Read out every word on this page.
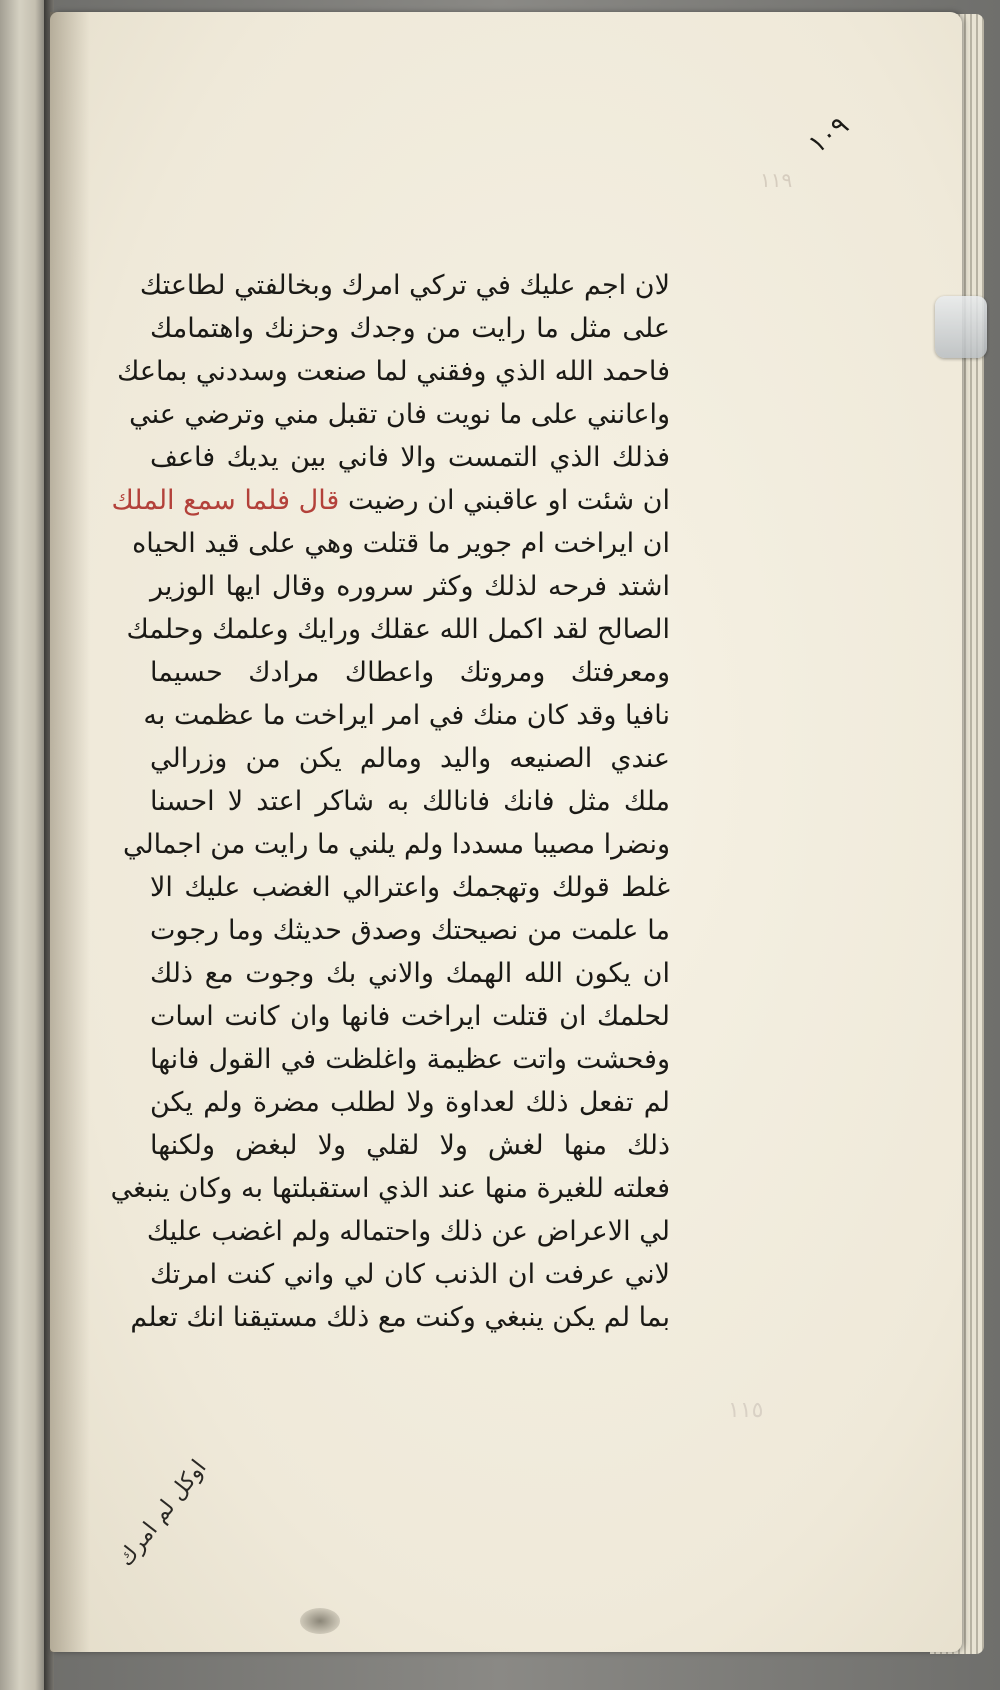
١٠٩
١١٩
١١٥
لان اجم عليك في تركي امرك وبخالفتي لطاعتك
على مثل ما رايت من وجدك وحزنك واهتمامك
فاحمد الله الذي وفقني لما صنعت وسددني بماعك
واعانني على ما نويت فان تقبل مني وترضي عني
فذلك الذي التمست والا فاني بين يديك فاعف
ان شئت او عاقبني ان رضيت قال فلما سمع الملك
ان ايراخت ام جوير ما قتلت وهي على قيد الحياه
اشتد فرحه لذلك وكثر سروره وقال ايها الوزير
الصالح لقد اكمل الله عقلك ورايك وعلمك وحلمك
ومعرفتك ومروتك واعطاك مرادك حسيما
نافيا وقد كان منك في امر ايراخت ما عظمت به
عندي الصنيعه واليد ومالم يكن من وزرالي
ملك مثل فانك فانالك به شاكر اعتد لا احسنا
ونضرا مصيبا مسددا ولم يلني ما رايت من اجمالي
غلط قولك وتهجمك واعترالي الغضب عليك الا
ما علمت من نصيحتك وصدق حديثك وما رجوت
ان يكون الله الهمك والاني بك وجوت مع ذلك
لحلمك ان قتلت ايراخت فانها وان كانت اسات
وفحشت واتت عظيمة واغلظت في القول فانها
لم تفعل ذلك لعداوة ولا لطلب مضرة ولم يكن
ذلك منها لغش ولا لقلي ولا لبغض ولكنها
فعلته للغيرة منها عند الذي استقبلتها به وكان ينبغي
لي الاعراض عن ذلك واحتماله ولم اغضب عليك
لاني عرفت ان الذنب كان لي واني كنت امرتك
بما لم يكن ينبغي وكنت مع ذلك مستيقنا انك تعلم
اوكل لم امرك
